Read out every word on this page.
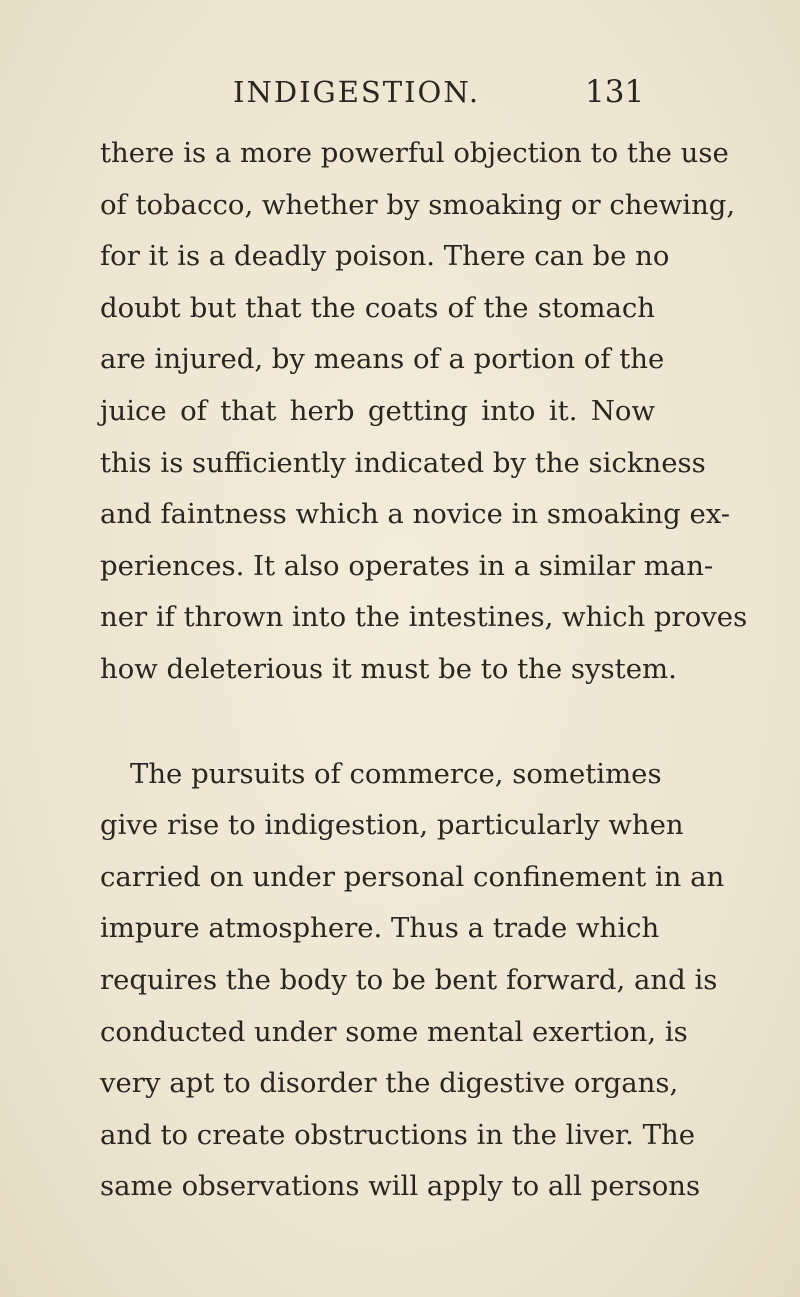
INDIGESTION.	131
there is a more powerful objection to the use
of tobacco, whether by smoaking or chewing,
for it is a deadly poison. There can be no
doubt but that the coats of the stomach
are injured, by means of a portion of the
juice of that herb getting into it. Now
this is sufficiently indicated by the sickness
and faintness which a novice in smoaking ex-
periences. It also operates in a similar man-
ner if thrown into the intestines, which proves
how deleterious it must be to the system.
The pursuits of commerce, sometimes
give rise to indigestion, particularly when
carried on under personal confinement in an
impure atmosphere. Thus a trade which
requires the body to be bent forward, and is
conducted under some mental exertion, is
very apt to disorder the digestive organs,
and to create obstructions in the liver. The
same observations will apply to all persons
